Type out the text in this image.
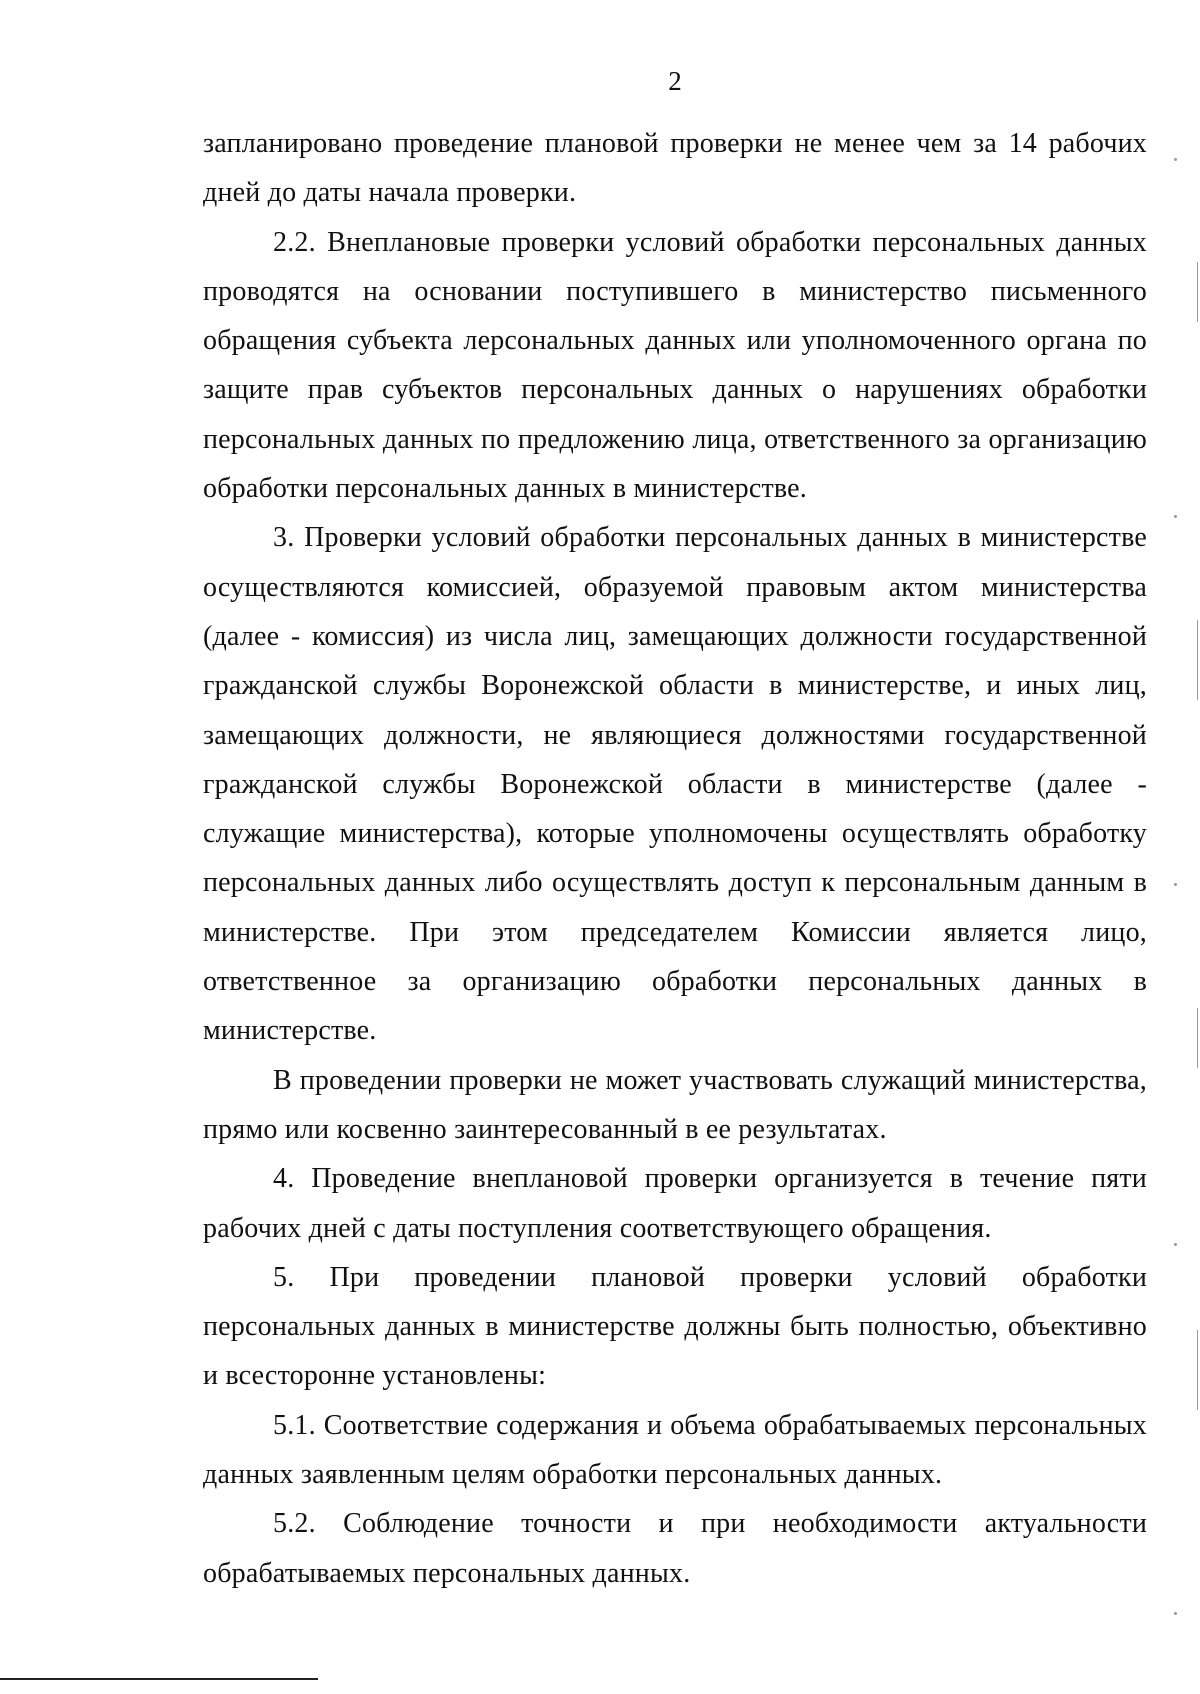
2

запланировано проведение плановой проверки не менее чем за 14 рабочих дней до даты начала проверки.

2.2. Внеплановые проверки условий обработки персональных данных проводятся на основании поступившего в министерство письменного обращения субъекта лерсональных данных или уполномоченного органа по защите прав субъектов персональных данных о нарушениях обработки персональных данных по предложению лица, ответственного за организацию обработки персональных данных в министерстве.

3. Проверки условий обработки персональных данных в министерстве осуществляются комиссией, образуемой правовым актом министерства (далее - комиссия) из числа лиц, замещающих должности государственной гражданской службы Воронежской области в министерстве, и иных лиц, замещающих должности, не являющиеся должностями государственной гражданской службы Воронежской области в министерстве (далее - служащие министерства), которые уполномочены осуществлять обработку персональных данных либо осуществлять доступ к персональным данным в министерстве. При этом председателем Комиссии является лицо, ответственное за организацию обработки персональных данных в министерстве.

В проведении проверки не может участвовать служащий министерства, прямо или косвенно заинтересованный в ее результатах.

4. Проведение внеплановой проверки организуется в течение пяти рабочих дней с даты поступления соответствующего обращения.

5. При проведении плановой проверки условий обработки персональных данных в министерстве должны быть полностью, объективно и всесторонне установлены:

5.1. Соответствие содержания и объема обрабатываемых персональных данных заявленным целям обработки персональных данных.

5.2. Соблюдение точности и при необходимости актуальности обрабатываемых персональных данных.
